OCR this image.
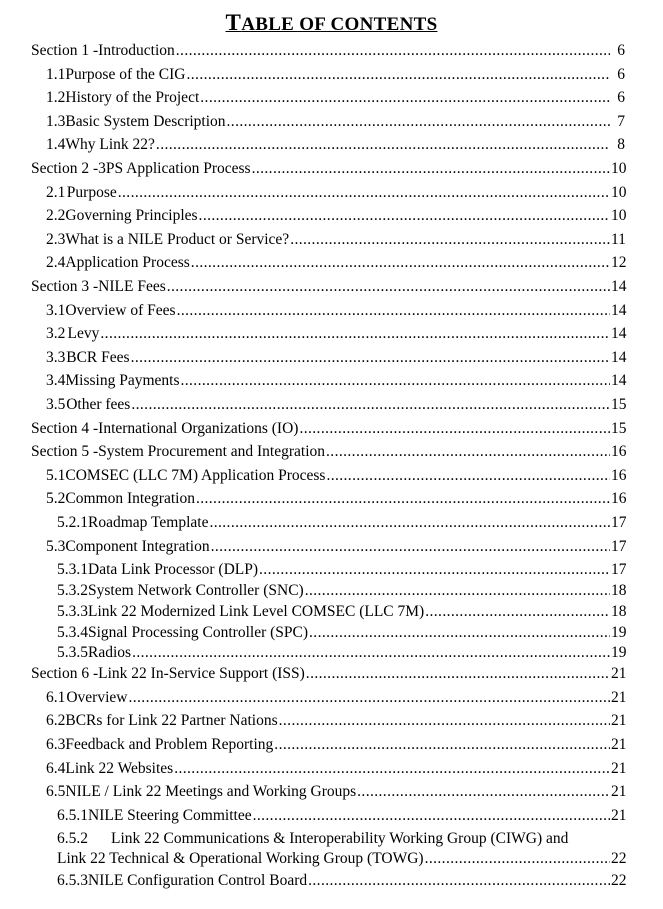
TABLE OF CONTENTS
Section 1 - Introduction .....	6
1.1 Purpose of the CIG .....	6
1.2 History of the Project .....	6
1.3 Basic System Description .....	7
1.4 Why Link 22? .....	8
Section 2 - 3PS Application Process .....	10
2.1 Purpose .....	10
2.2 Governing Principles .....	10
2.3 What is a NILE Product or Service? .....	11
2.4 Application Process .....	12
Section 3 - NILE Fees .....	14
3.1 Overview of Fees .....	14
3.2 Levy .....	14
3.3 BCR Fees .....	14
3.4 Missing Payments .....	14
3.5 Other fees .....	15
Section 4 - International Organizations (IO) .....	15
Section 5 - System Procurement and Integration .....	16
5.1 COMSEC (LLC 7M) Application Process .....	16
5.2 Common Integration .....	16
5.2.1 Roadmap Template .....	17
5.3 Component Integration .....	17
5.3.1 Data Link Processor (DLP) .....	17
5.3.2 System Network Controller (SNC) .....	18
5.3.3 Link 22 Modernized Link Level COMSEC (LLC 7M) .....	18
5.3.4 Signal Processing Controller (SPC) .....	19
5.3.5 Radios .....	19
Section 6 - Link 22 In-Service Support (ISS) .....	21
6.1 Overview .....	21
6.2 BCRs for Link 22 Partner Nations .....	21
6.3 Feedback and Problem Reporting .....	21
6.4 Link 22 Websites .....	21
6.5 NILE / Link 22 Meetings and Working Groups .....	21
6.5.1 NILE Steering Committee .....	21
6.5.2	Link 22 Communications & Interoperability Working Group (CIWG) and
Link 22 Technical & Operational Working Group (TOWG) .....	22
6.5.3 NILE Configuration Control Board .....	22
